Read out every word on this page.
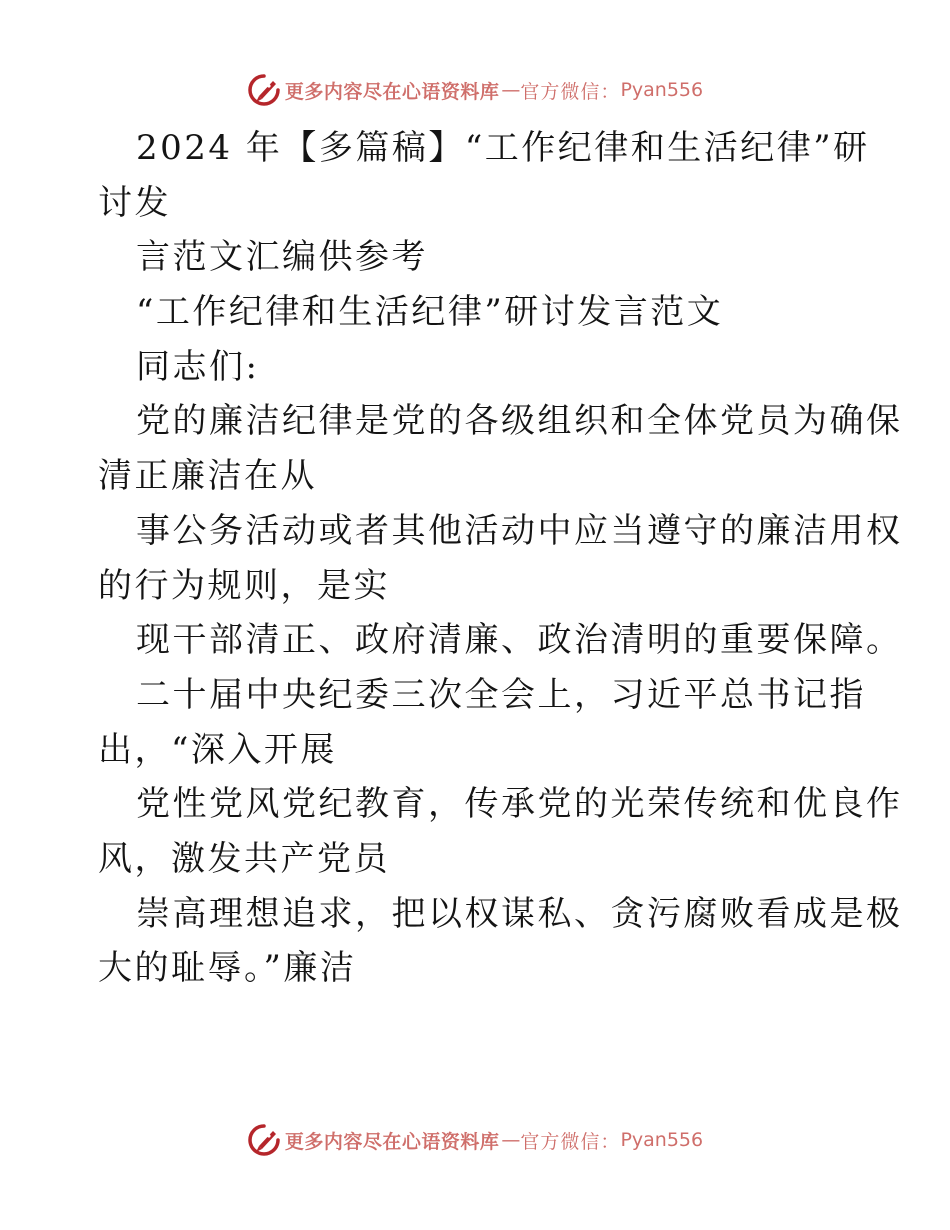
更多内容尽在心语资料库 — 官方微信： Pyan556
2024 年【多篇稿】“工作纪律和生活纪律”研
讨发
言范文汇编供参考
“工作纪律和生活纪律”研讨发言范文
同志们:
党的廉洁纪律是党的各级组织和全体党员为确保
清正廉洁在从
事公务活动或者其他活动中应当遵守的廉洁用权
的行为规则，是实
现干部清正、政府清廉、政治清明的重要保障。
二十届中央纪委三次全会上，习近平总书记指
出，“深入开展
党性党风党纪教育，传承党的光荣传统和优良作
风，激发共产党员
崇高理想追求，把以权谋私、贪污腐败看成是极
大的耻辱。”廉洁
更多内容尽在心语资料库 — 官方微信： Pyan556
